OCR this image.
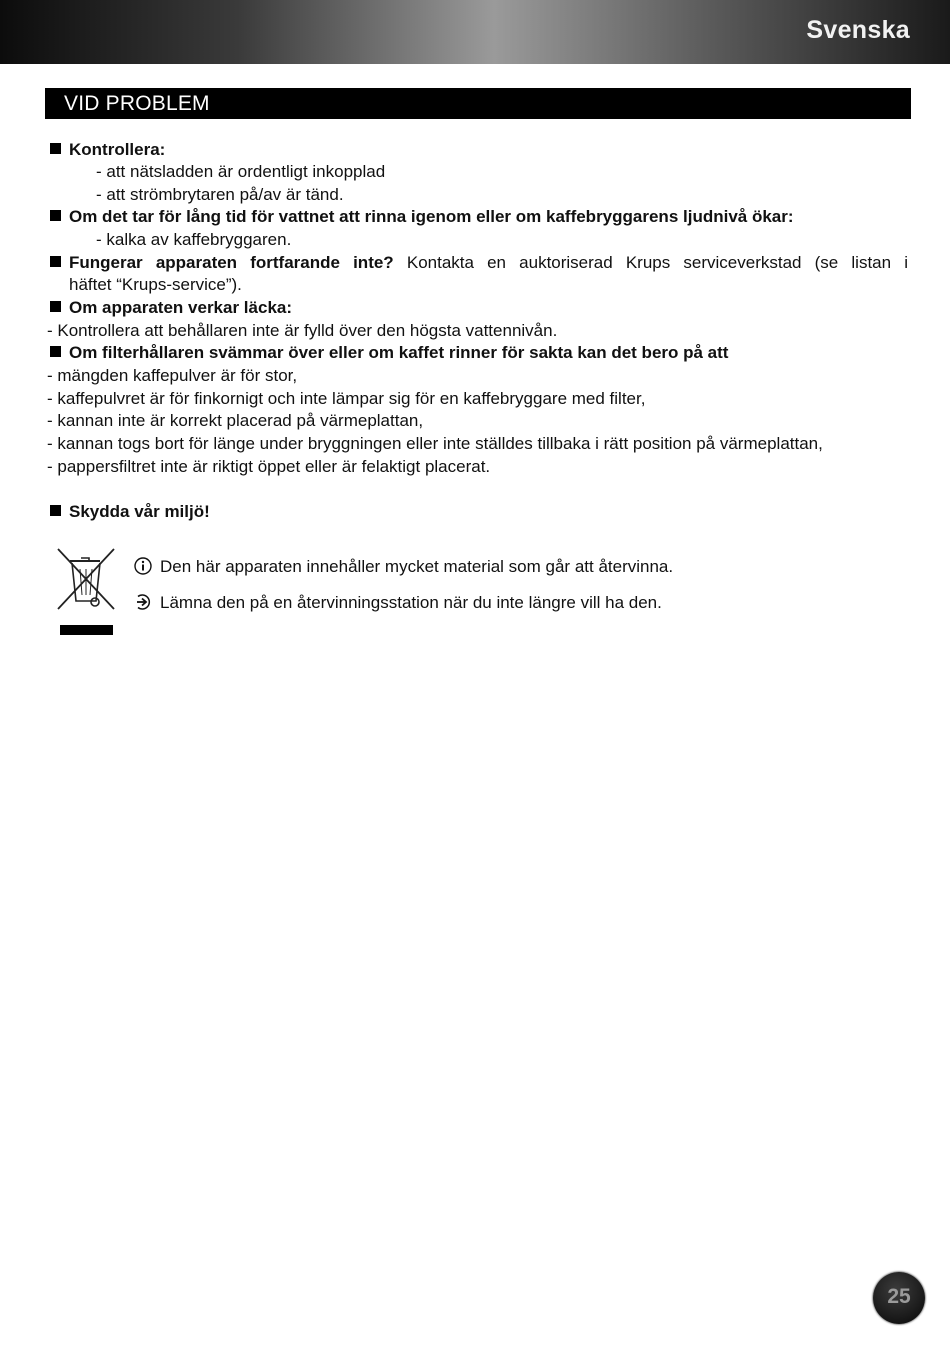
Svenska
VID PROBLEM
Kontrollera:
- att nätsladden är ordentligt inkopplad
- att strömbrytaren på/av är tänd.
Om det tar för lång tid för vattnet att rinna igenom eller om kaffebryggarens ljudnivå ökar:
- kalka av kaffebryggaren.
Fungerar apparaten fortfarande inte? Kontakta en auktoriserad Krups serviceverkstad (se listan i
häftet “Krups-service”).
Om apparaten verkar läcka:
- Kontrollera att behållaren inte är fylld över den högsta vattennivån.
Om filterhållaren svämmar över eller om kaffet rinner för sakta kan det bero på att
- mängden kaffepulver är för stor,
- kaffepulvret är för finkornigt och inte lämpar sig för en kaffebryggare med filter,
- kannan inte är korrekt placerad på värmeplattan,
- kannan togs bort för länge under bryggningen eller inte ställdes tillbaka i rätt position på värmeplattan,
- pappersfiltret inte är riktigt öppet eller är felaktigt placerat.
Skydda vår miljö!
Den här apparaten innehåller mycket material som går att återvinna.
Lämna den på en återvinningsstation när du inte längre vill ha den.
25
